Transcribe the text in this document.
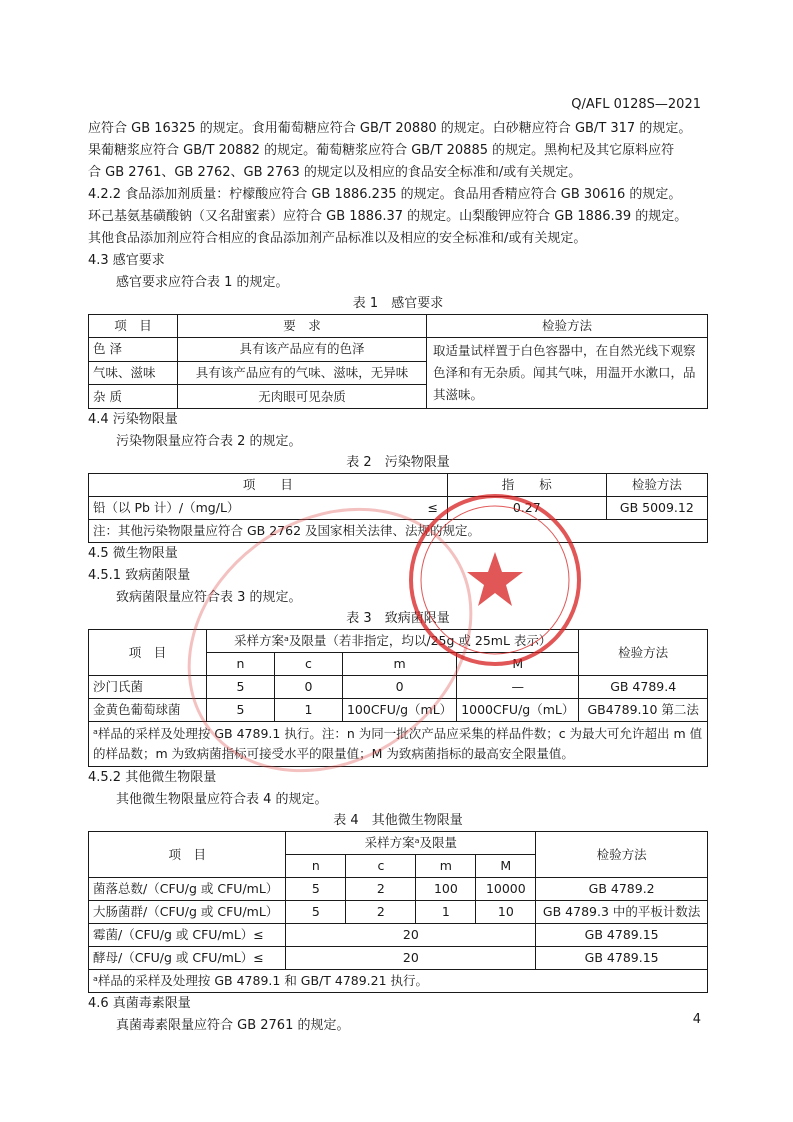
Q/AFL 0128S—2021

应符合 GB 16325 的规定。食用葡萄糖应符合 GB/T 20880 的规定。白砂糖应符合 GB/T 317 的规定。

果葡糖浆应符合 GB/T 20882 的规定。葡萄糖浆应符合 GB/T 20885 的规定。黑枸杞及其它原料应符

合 GB 2761、GB 2762、GB 2763 的规定以及相应的食品安全标准和/或有关规定。

4.2.2 食品添加剂质量：柠檬酸应符合 GB 1886.235 的规定。食品用香精应符合 GB 30616 的规定。

环己基氨基磺酸钠（又名甜蜜素）应符合 GB 1886.37 的规定。山梨酸钾应符合 GB 1886.39 的规定。

其他食品添加剂应符合相应的食品添加剂产品标准以及相应的安全标准和/或有关规定。

4.3 感官要求

感官要求应符合表 1 的规定。

表 1　感官要求

项　目	要　求	检验方法
色 泽	具有该产品应有的色泽	取适量试样置于白色容器中，在自然光线下观察色泽和有无杂质。闻其气味，用温开水漱口，品其滋味。
气味、滋味	具有该产品应有的气味、滋味，无异味	
杂 质	无肉眼可见杂质	

4.4 污染物限量

污染物限量应符合表 2 的规定。

表 2　污染物限量

项　　目		指　　标	检验方法
铅（以 Pb 计）/（mg/L）	≤	0.27	GB 5009.12
注：其他污染物限量应符合 GB 2762 及国家相关法律、法规的规定。			

4.5 微生物限量

4.5.1 致病菌限量

致病菌限量应符合表 3 的规定。

表 3　致病菌限量

项　目	采样方案ᵃ及限量（若非指定，均以/25g 或 25mL 表示）				检验方法
	n	c	m	M	
沙门氏菌	5	0	0	—	GB 4789.4
金黄色葡萄球菌	5	1	100CFU/g（mL）	1000CFU/g（mL）	GB4789.10 第二法
ᵃ样品的采样及处理按 GB 4789.1 执行。注：n 为同一批次产品应采集的样品件数；c 为最大可允许超出 m 值的样品数；m 为致病菌指标可接受水平的限量值；M 为致病菌指标的最高安全限量值。					

4.5.2 其他微生物限量

其他微生物限量应符合表 4 的规定。

表 4　其他微生物限量

项　目	采样方案ᵃ及限量				检验方法
	n	c	m	M	
菌落总数/（CFU/g 或 CFU/mL）	5	2	100	10000	GB 4789.2
大肠菌群/（CFU/g 或 CFU/mL）	5	2	1	10	GB 4789.3 中的平板计数法
霉菌/（CFU/g 或 CFU/mL）≤	20				GB 4789.15
酵母/（CFU/g 或 CFU/mL）≤	20				GB 4789.15
ᵃ样品的采样及处理按 GB 4789.1 和 GB/T 4789.21 执行。					

4.6 真菌毒素限量

真菌毒素限量应符合 GB 2761 的规定。	4
